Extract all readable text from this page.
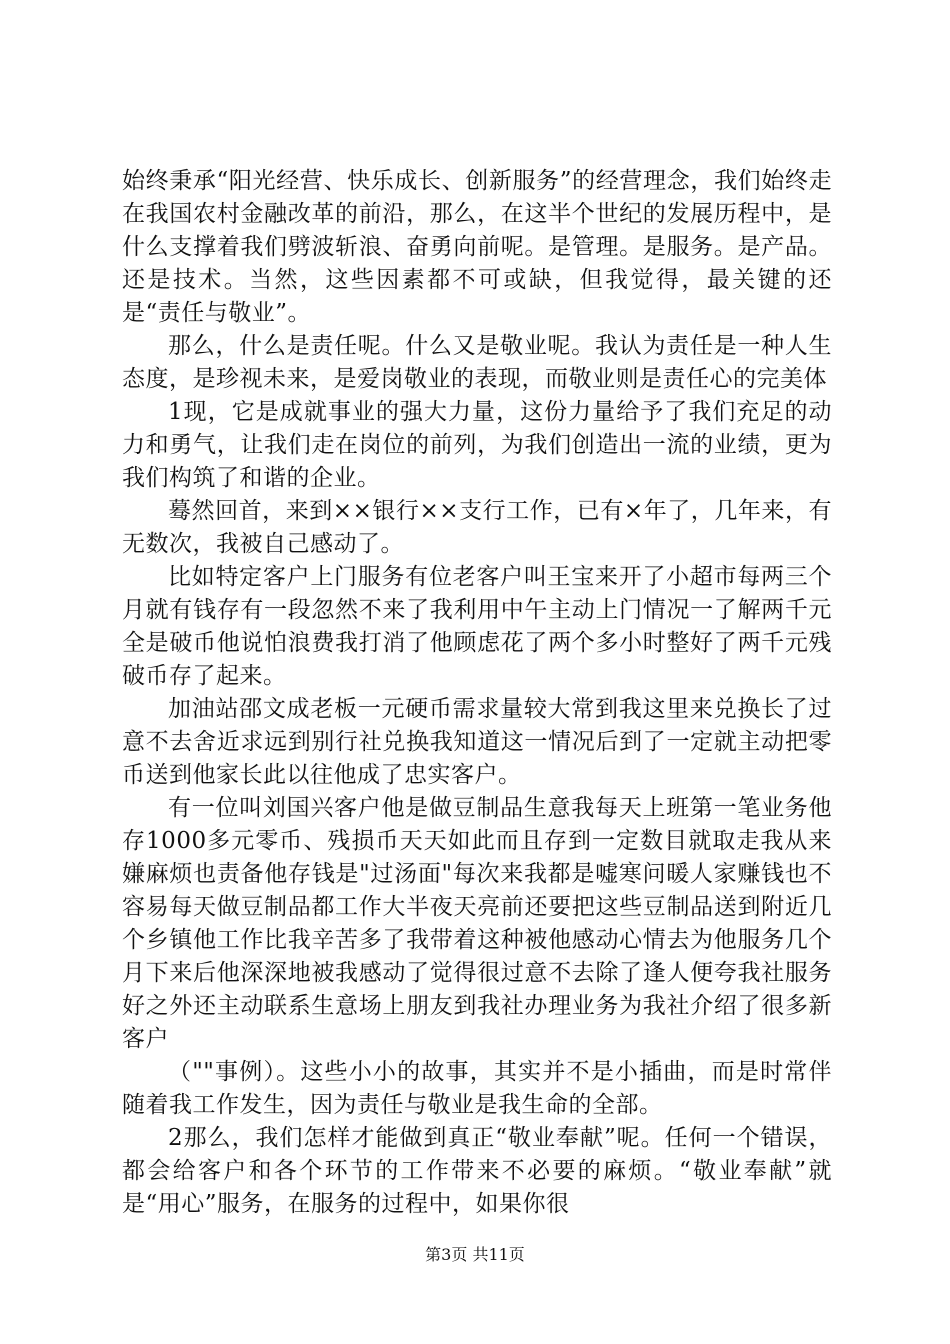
始终秉承“阳光经营、快乐成长、创新服务”的经营理念，我们始终走在我国农村金融改革的前沿，那么，在这半个世纪的发展历程中，是什么支撑着我们劈波斩浪、奋勇向前呢。是管理。是服务。是产品。还是技术。当然，这些因素都不可或缺，但我觉得，最关键的还是“责任与敬业”。

那么，什么是责任呢。什么又是敬业呢。我认为责任是一种人生态度，是珍视未来，是爱岗敬业的表现，而敬业则是责任心的完美体

1现，它是成就事业的强大力量，这份力量给予了我们充足的动力和勇气，让我们走在岗位的前列，为我们创造出一流的业绩，更为我们构筑了和谐的企业。

蓦然回首，来到××银行××支行工作，已有×年了，几年来，有无数次，我被自己感动了。

比如特定客户上门服务有位老客户叫王宝来开了小超市每两三个月就有钱存有一段忽然不来了我利用中午主动上门情况一了解两千元全是破币他说怕浪费我打消了他顾虑花了两个多小时整好了两千元残破币存了起来。

加油站邵文成老板一元硬币需求量较大常到我这里来兑换长了过意不去舍近求远到别行社兑换我知道这一情况后到了一定就主动把零币送到他家长此以往他成了忠实客户。

有一位叫刘国兴客户他是做豆制品生意我每天上班第一笔业务他存1000多元零币、残损币天天如此而且存到一定数目就取走我从来嫌麻烦也责备他存钱是"过汤面"每次来我都是嘘寒问暖人家赚钱也不容易每天做豆制品都工作大半夜天亮前还要把这些豆制品送到附近几个乡镇他工作比我辛苦多了我带着这种被他感动心情去为他服务几个月下来后他深深地被我感动了觉得很过意不去除了逢人便夸我社服务好之外还主动联系生意场上朋友到我社办理业务为我社介绍了很多新客户

（""事例）。这些小小的故事，其实并不是小插曲，而是时常伴随着我工作发生，因为责任与敬业是我生命的全部。

2那么，我们怎样才能做到真正“敬业奉献”呢。任何一个错误，都会给客户和各个环节的工作带来不必要的麻烦。“敬业奉献”就是“用心”服务，在服务的过程中，如果你很

第3页 共11页
